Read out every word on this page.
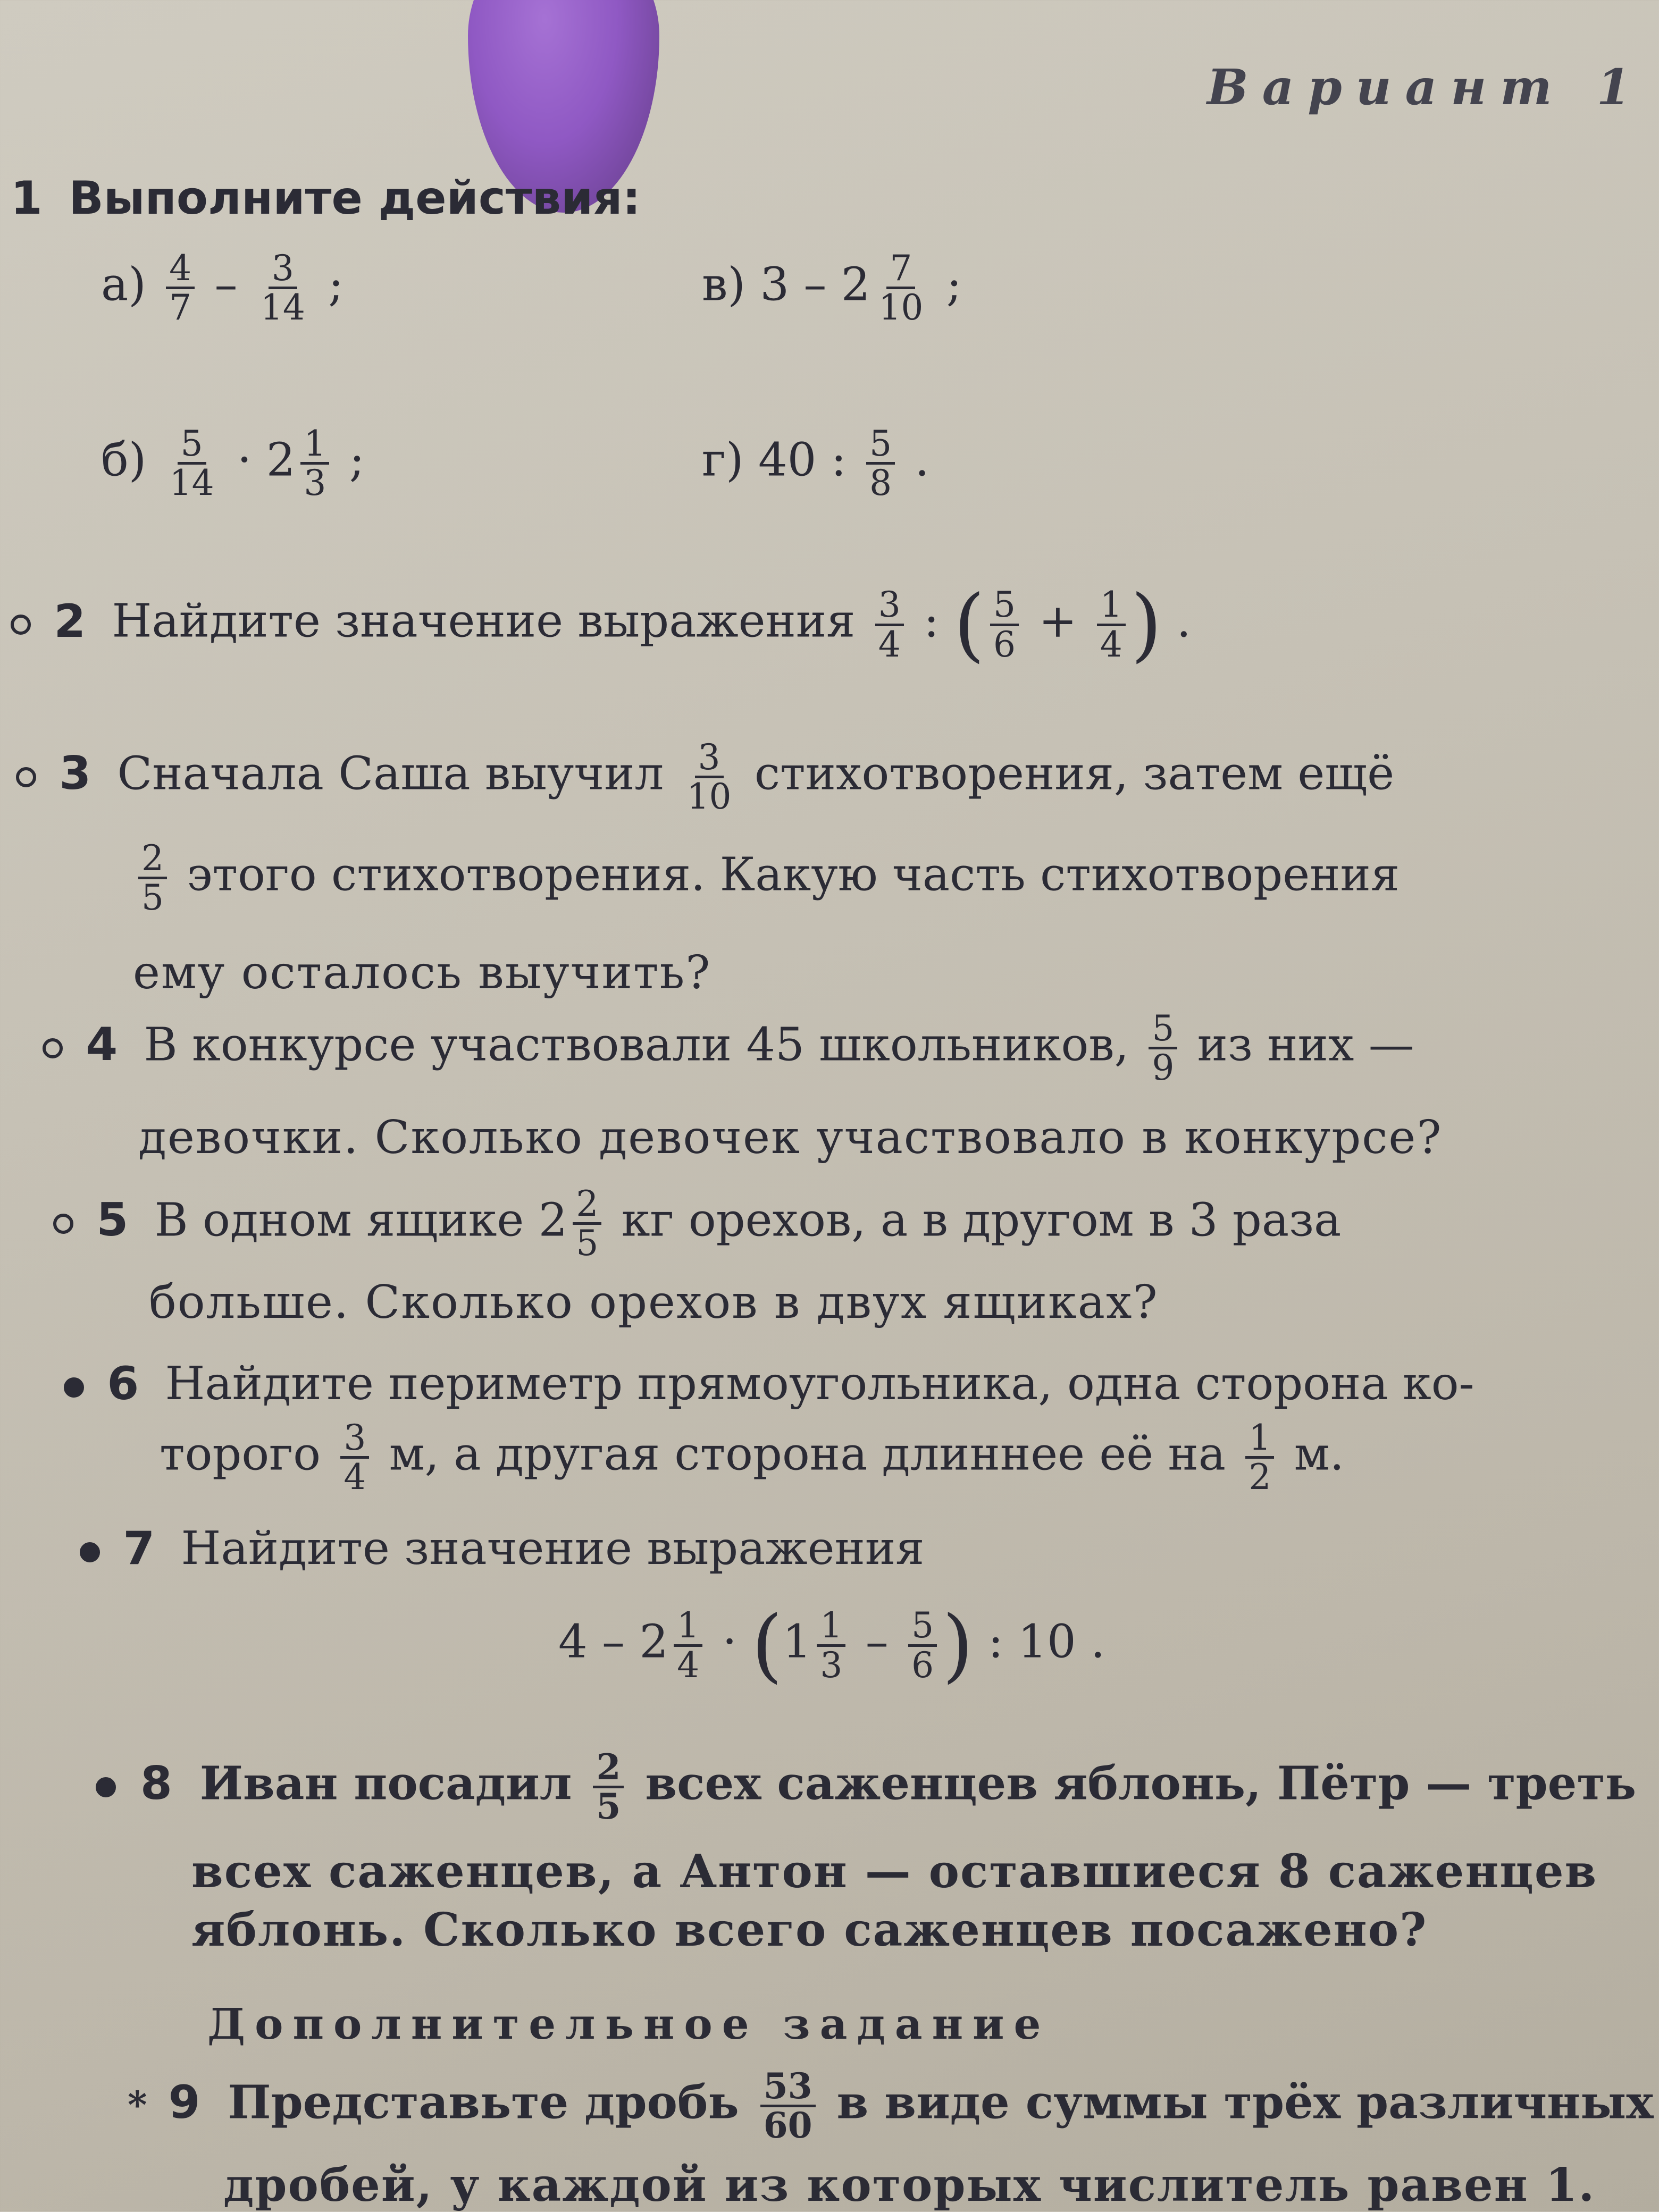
Вариант 1
1 Выполните действия:
$а) \frac{4}{7} - \frac{3}{14}$ ;	в) $3 - 2 \frac{7}{10}$ ;
$б) \frac{5}{14} \cdot 2 \frac{1}{3}$ ;	г) 40 : $\frac{5}{8}$ .
2 Найдите значение выражения $\frac{3}{4}$ : ( $\frac{5}{6} + \frac{1}{4}$ ) .
3 Сначала Саша выучил $\frac{3}{10}$ стихотворения, затем ещё
$\frac{2}{5}$ этого стихотворения. Какую часть стихотворения
ему осталось выучить?
4 В конкурсе участвовали 45 школьников, $\frac{5}{9}$ из них —
девочки. Сколько девочек участвовало в конкурсе?
5 В одном ящике $2 \frac{2}{5}$ кг орехов, а в другом в 3 раза
больше. Сколько орехов в двух ящиках?
6 Найдите периметр прямоугольника, одна сторона ко-
торого $\frac{3}{4} м$, а другая сторона длиннее её на $\frac{1}{2} м$.
7 Найдите значение выражения
$4 - 2 \frac{1}{4} \cdot (1 \frac{1}{3} - \frac{5}{6}$ ) : 10 .
8 Иван посадил $\frac{2}{5}$ всех саженцев яблонь, Пётр — треть
всех саженцев, а Антон — оставшиеся 8 саженцев
яблонь. Сколько всего саженцев посажено?
Дополнительное задание
* 9 Представьте дробь $\frac{53}{60}$ в виде суммы трёх различных
дробей, у каждой из которых числитель равен 1.
